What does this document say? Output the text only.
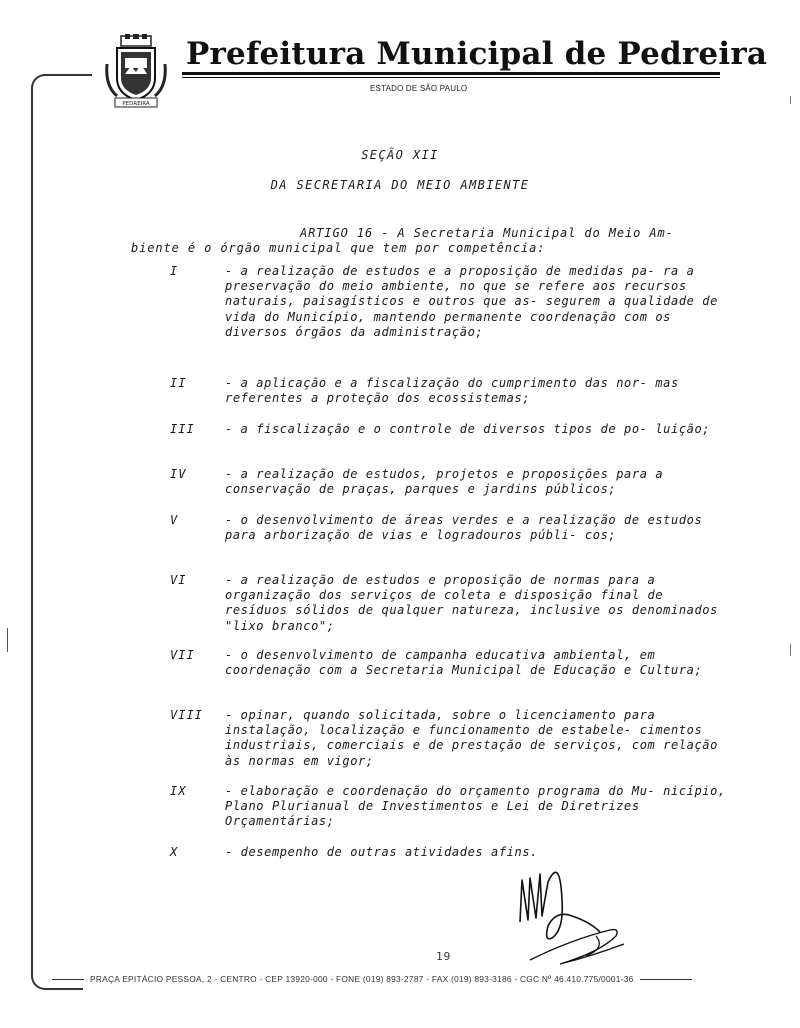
PEDREIRA
Prefeitura Municipal de Pedreira
ESTADO DE SÃO PAULO
SEÇÃO XII
DA SECRETARIA DO MEIO AMBIENTE
ARTIGO 16 - A Secretaria Municipal do Meio Am-
biente é o órgão municipal que tem por competência:
I	- a realização de estudos e a proposição de medidas pa- ra a preservação do meio ambiente, no que se refere aos recursos naturais, paisagísticos e outros que as- segurem a qualidade de vida do Município, mantendo permanente coordenação com os diversos órgãos da administração;
II	- a aplicação e a fiscalização do cumprimento das nor- mas referentes a proteção dos ecossistemas;
III	- a fiscalização e o controle de diversos tipos de po- luição;
IV	- a realização de estudos, projetos e proposições para a conservação de praças, parques e jardins públicos;
V	- o desenvolvimento de áreas verdes e a realização de estudos para arborização de vias e logradouros públi- cos;
VI	- a realização de estudos e proposição de normas para a organização dos serviços de coleta e disposição final de resíduos sólidos de qualquer natureza, inclusive os denominados "lixo branco";
VII	- o desenvolvimento de campanha educativa ambiental, em coordenação com a Secretaria Municipal de Educação e Cultura;
VIII	- opinar, quando solicitada, sobre o licenciamento para instalação, localização e funcionamento de estabele- cimentos industriais, comerciais e de prestação de serviços, com relação às normas em vigor;
IX	- elaboração e coordenação do orçamento programa do Mu- nicípio, Plano Plurianual de Investimentos e Lei de Diretrizes Orçamentárias;
X	- desempenho de outras atividades afins.
19
PRAÇA EPITÁCIO PESSOA, 2 - CENTRO - CEP 13920-000 - FONE (019) 893-2787 - FAX (019) 893-3186 - CGC Nº 46.410.775/0001-36
